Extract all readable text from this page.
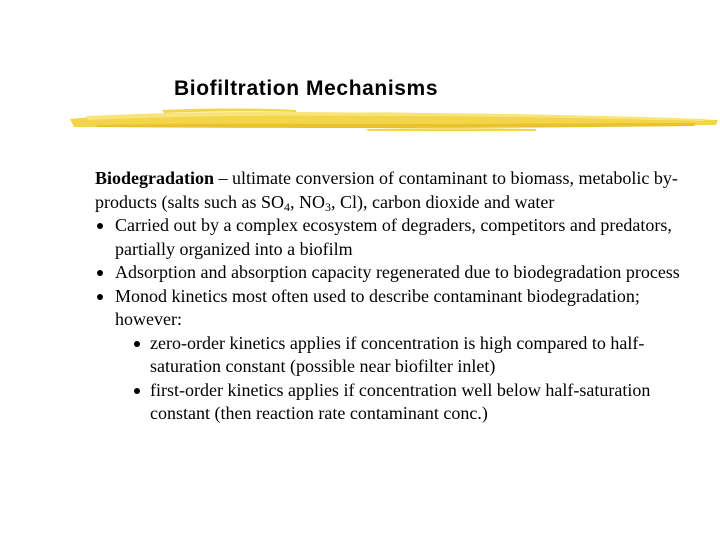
Biofiltration Mechanisms

Biodegradation – ultimate conversion of contaminant to biomass, metabolic by-products (salts such as $SO_4$, $NO_3$, Cl), carbon dioxide and water

Carried out by a complex ecosystem of degraders, competitors and predators, partially organized into a biofilm
Adsorption and absorption capacity regenerated due to biodegradation process
Monod kinetics most often used to describe contaminant biodegradation; however:
zero-order kinetics applies if concentration is high compared to half-saturation constant (possible near biofilter inlet)
first-order kinetics applies if concentration well below half-saturation constant (then reaction rate contaminant conc.)
